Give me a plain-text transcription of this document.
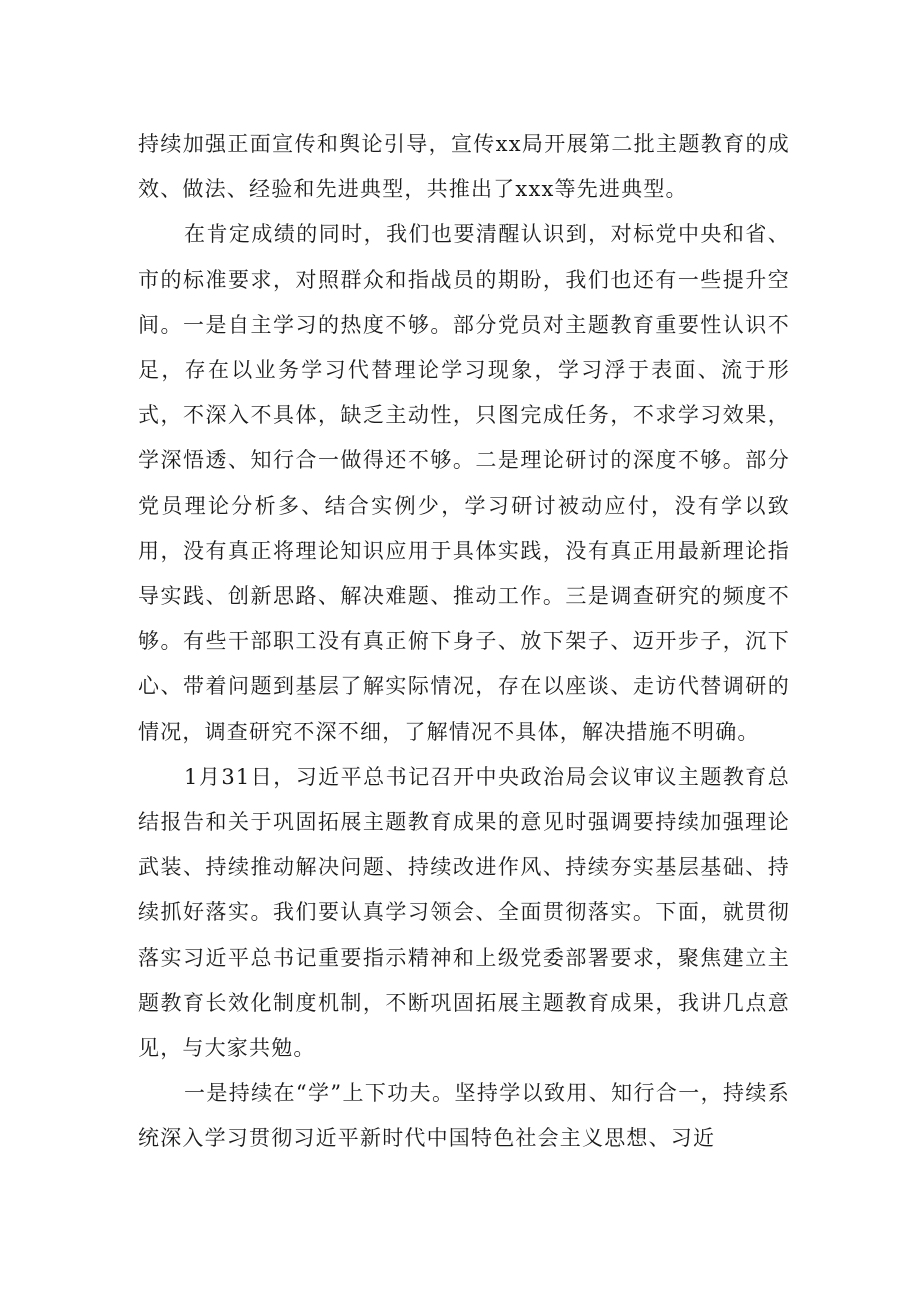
持续加强正面宣传和舆论引导，宣传xx局开展第二批主题教育的成效、做法、经验和先进典型，共推出了xxx等先进典型。

在肯定成绩的同时，我们也要清醒认识到，对标党中央和省、市的标准要求，对照群众和指战员的期盼，我们也还有一些提升空间。一是自主学习的热度不够。部分党员对主题教育重要性认识不足，存在以业务学习代替理论学习现象，学习浮于表面、流于形式，不深入不具体，缺乏主动性，只图完成任务，不求学习效果，学深悟透、知行合一做得还不够。二是理论研讨的深度不够。部分党员理论分析多、结合实例少，学习研讨被动应付，没有学以致用，没有真正将理论知识应用于具体实践，没有真正用最新理论指导实践、创新思路、解决难题、推动工作。三是调查研究的频度不够。有些干部职工没有真正俯下身子、放下架子、迈开步子，沉下心、带着问题到基层了解实际情况，存在以座谈、走访代替调研的情况，调查研究不深不细，了解情况不具体，解决措施不明确。

1月31日，习近平总书记召开中央政治局会议审议主题教育总结报告和关于巩固拓展主题教育成果的意见时强调要持续加强理论武装、持续推动解决问题、持续改进作风、持续夯实基层基础、持续抓好落实。我们要认真学习领会、全面贯彻落实。下面，就贯彻落实习近平总书记重要指示精神和上级党委部署要求，聚焦建立主题教育长效化制度机制，不断巩固拓展主题教育成果，我讲几点意见，与大家共勉。

一是持续在“学”上下功夫。坚持学以致用、知行合一，持续系统深入学习贯彻习近平新时代中国特色社会主义思想、习近
